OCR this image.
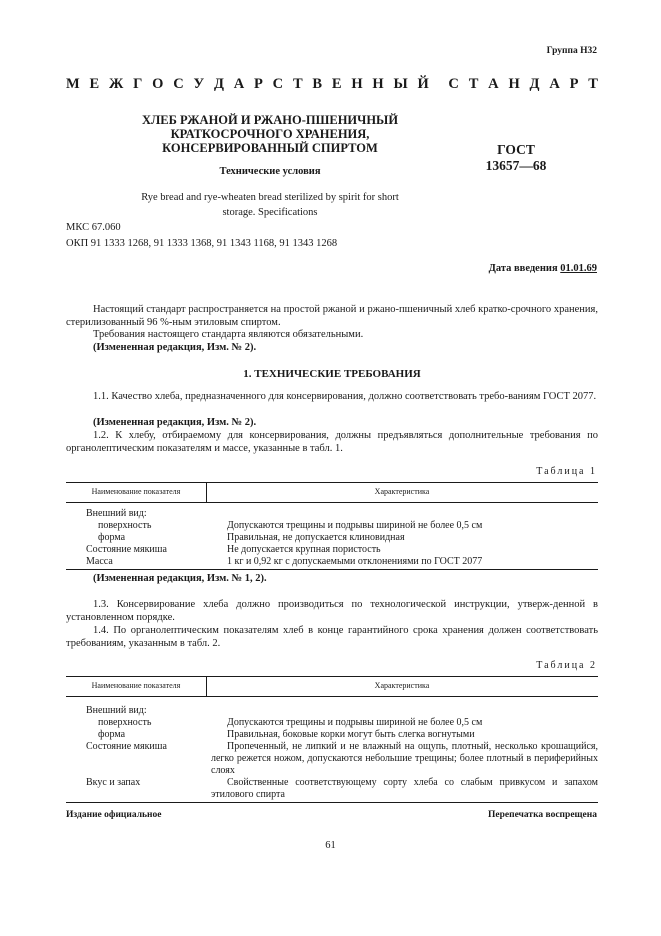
Группа Н32
М Е Ж Г О С У Д А Р С Т В Е Н Н Ы Й С Т А Н Д А Р Т
ХЛЕБ РЖАНОЙ И РЖАНО-ПШЕНИЧНЫЙ
КРАТКОСРОЧНОГО ХРАНЕНИЯ,
КОНСЕРВИРОВАННЫЙ СПИРТОМ	ГОСТ
13657—68
Технические условия
Rye bread and rye-wheaten bread sterilized by spirit for short
storage. Specifications
МКС 67.060
ОКП 91 1333 1268, 91 1333 1368, 91 1343 1168, 91 1343 1268
Дата введения 01.01.69
Настоящий стандарт распространяется на простой ржаной и ржано-пшеничный хлеб кратко-срочного хранения, стерилизованный 96 %-ным этиловым спиртом.
Требования настоящего стандарта являются обязательными.
(Измененная редакция, Изм. № 2).
1. ТЕХНИЧЕСКИЕ ТРЕБОВАНИЯ
1.1. Качество хлеба, предназначенного для консервирования, должно соответствовать требо-ваниям ГОСТ 2077.
(Измененная редакция, Изм. № 2).
1.2. К хлебу, отбираемому для консервирования, должны предъявляться дополнительные требования по органолептическим показателям и массе, указанные в табл. 1.
Таблица 1
Наименование показателя	Характеристика
Внешний вид:
поверхность	Допускаются трещины и подрывы шириной не более 0,5 см
форма	Правильная, не допускается клиновидная
Состояние мякиша	Не допускается крупная пористость
Масса	1 кг и 0,92 кг с допускаемыми отклонениями по ГОСТ 2077
(Измененная редакция, Изм. № 1, 2).
1.3. Консервирование хлеба должно производиться по технологической инструкции, утверж-денной в установленном порядке.
1.4. По органолептическим показателям хлеб в конце гарантийного срока хранения должен соответствовать требованиям, указанным в табл. 2.
Таблица 2
Наименование показателя	Характеристика
Внешний вид:
поверхность	Допускаются трещины и подрывы шириной не более 0,5 см
форма	Правильная, боковые корки могут быть слегка вогнутыми
Состояние мякиша	Пропеченный, не липкий и не влажный на ощупь, плотный, несколько крошащийся, легко режется ножом, допускаются небольшие трещины; более плотный в периферийных слоях
Вкус и запах	Свойственные соответствующему сорту хлеба со слабым привкусом и запахом этилового спирта
Издание официальное	Перепечатка воспрещена
61
